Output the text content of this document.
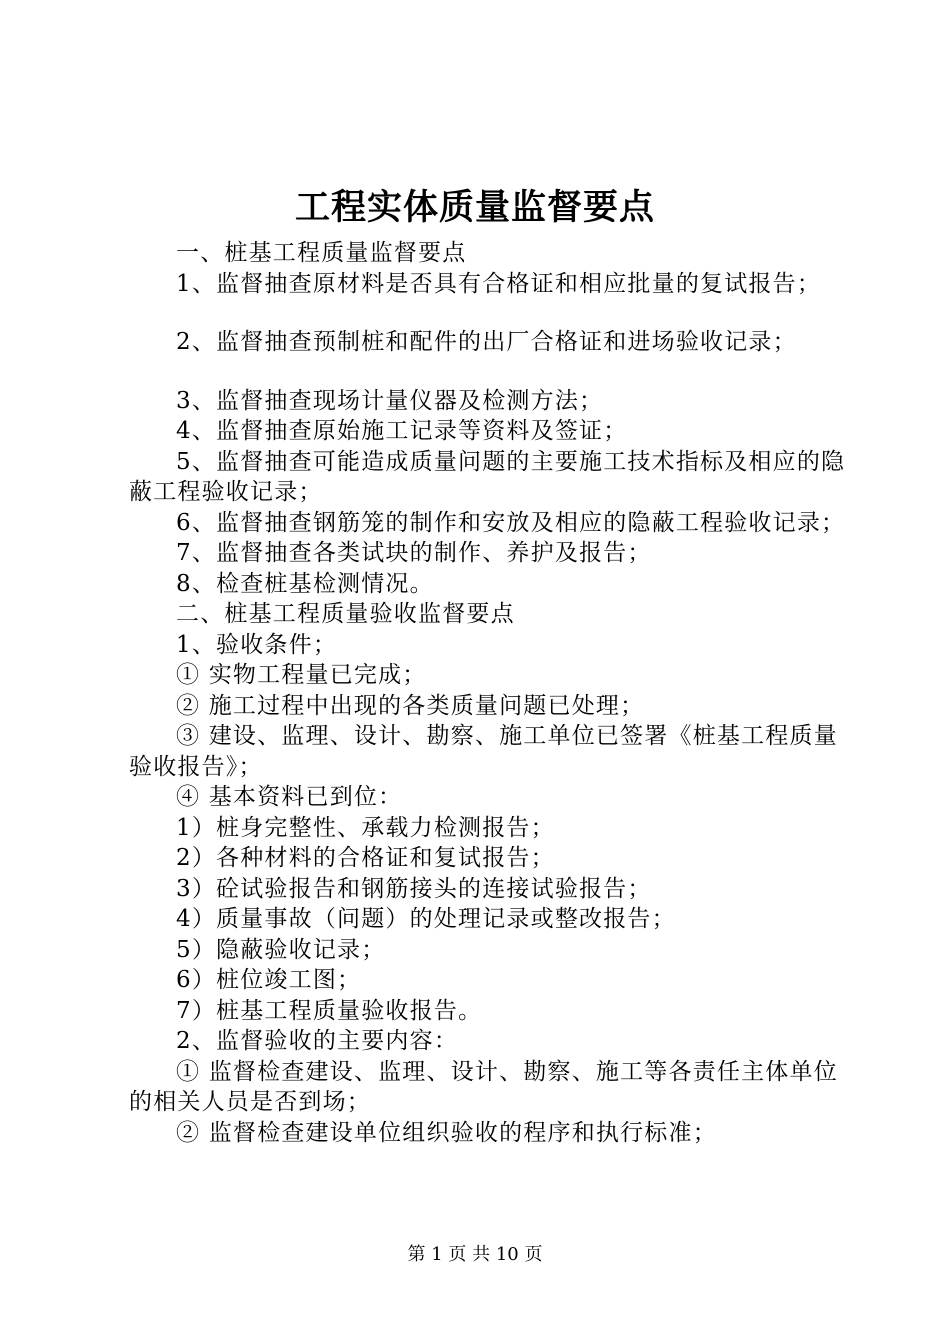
工程实体质量监督要点

一、桩基工程质量监督要点

1、监督抽查原材料是否具有合格证和相应批量的复试报告；

2、监督抽查预制桩和配件的出厂合格证和进场验收记录；

3、监督抽查现场计量仪器及检测方法；

4、监督抽查原始施工记录等资料及签证；

5、监督抽查可能造成质量问题的主要施工技术指标及相应的隐蔽工程验收记录；

6、监督抽查钢筋笼的制作和安放及相应的隐蔽工程验收记录；

7、监督抽查各类试块的制作、养护及报告；

8、检查桩基检测情况。

二、桩基工程质量验收监督要点

1、验收条件；

① 实物工程量已完成；

② 施工过程中出现的各类质量问题已处理；

③ 建设、监理、设计、勘察、施工单位已签署《桩基工程质量验收报告》；

④ 基本资料已到位：

1）桩身完整性、承载力检测报告；

2）各种材料的合格证和复试报告；

3）砼试验报告和钢筋接头的连接试验报告；

4）质量事故（问题）的处理记录或整改报告；

5）隐蔽验收记录；

6）桩位竣工图；

7）桩基工程质量验收报告。

2、监督验收的主要内容：

① 监督检查建设、监理、设计、勘察、施工等各责任主体单位的相关人员是否到场；

② 监督检查建设单位组织验收的程序和执行标准；

第 1 页 共 10 页
